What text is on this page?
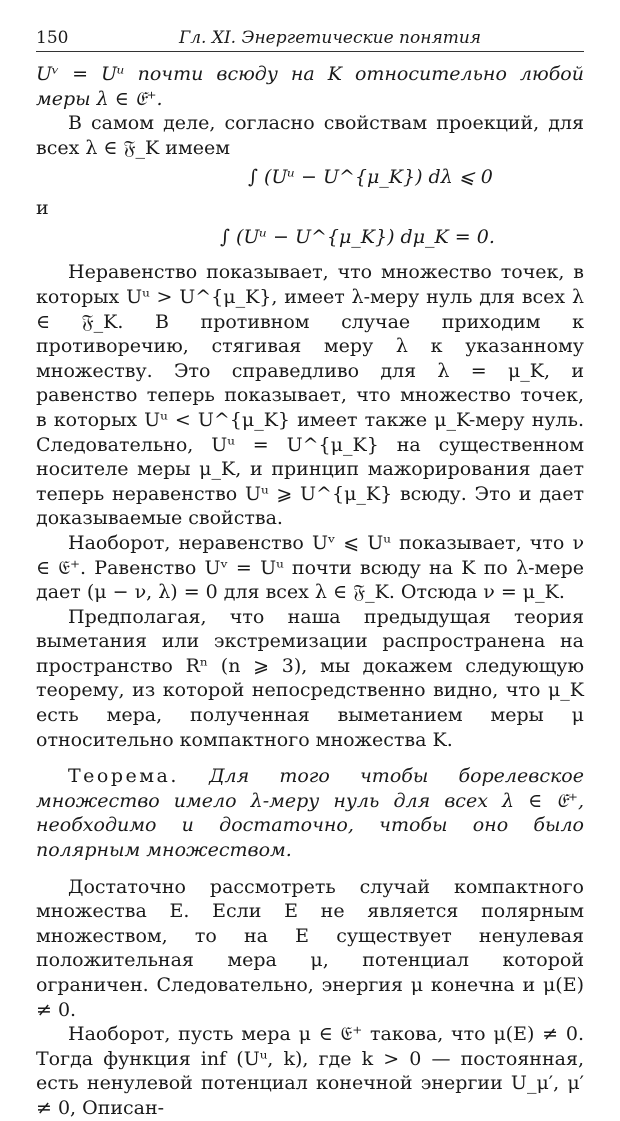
150	Гл. XI. Энергетические понятия

Uᵛ = Uᵘ почти всюду на K относительно любой меры λ ∈ 𝔈⁺.

В самом деле, согласно свойствам проекций, для всех λ ∈ 𝔉_K имеем

∫ (Uᵘ − U^{μ_K}) dλ ⩽ 0
и
∫ (Uᵘ − U^{μ_K}) dμ_K = 0.

Неравенство показывает, что множество точек, в которых Uᵘ > U^{μ_K}, имеет λ-меру нуль для всех λ ∈ 𝔉_K. В противном случае приходим к противоречию, стягивая меру λ к указанному множеству. Это справедливо для λ = μ_K, и равенство теперь показывает, что множество точек, в которых Uᵘ < U^{μ_K} имеет также μ_K-меру нуль. Следовательно, Uᵘ = U^{μ_K} на существенном носителе меры μ_K, и принцип мажорирования дает теперь неравенство Uᵘ ⩾ U^{μ_K} всюду. Это и дает доказываемые свойства.

Наоборот, неравенство Uᵛ ⩽ Uᵘ показывает, что ν ∈ 𝔈⁺. Равенство Uᵛ = Uᵘ почти всюду на K по λ-мере дает (μ − ν, λ) = 0 для всех λ ∈ 𝔉_K. Отсюда ν = μ_K.

Предполагая, что наша предыдущая теория выметания или экстремизации распространена на пространство Rⁿ (n ⩾ 3), мы докажем следующую теорему, из которой непосредственно видно, что μ_K есть мера, полученная выметанием меры μ относительно компактного множества K.

Теорема. Для того чтобы борелевское множество имело λ-меру нуль для всех λ ∈ 𝔈⁺, необходимо и достаточно, чтобы оно было полярным множеством.

Достаточно рассмотреть случай компактного множества E. Если E не является полярным множеством, то на E существует ненулевая положительная мера μ, потенциал которой ограничен. Следовательно, энергия μ конечна и μ(E) ≠ 0.

Наоборот, пусть мера μ ∈ 𝔈⁺ такова, что μ(E) ≠ 0. Тогда функция inf (Uᵘ, k), где k > 0 — постоянная, есть ненулевой потенциал конечной энергии U_μ′, μ′ ≠ 0, Описан-
